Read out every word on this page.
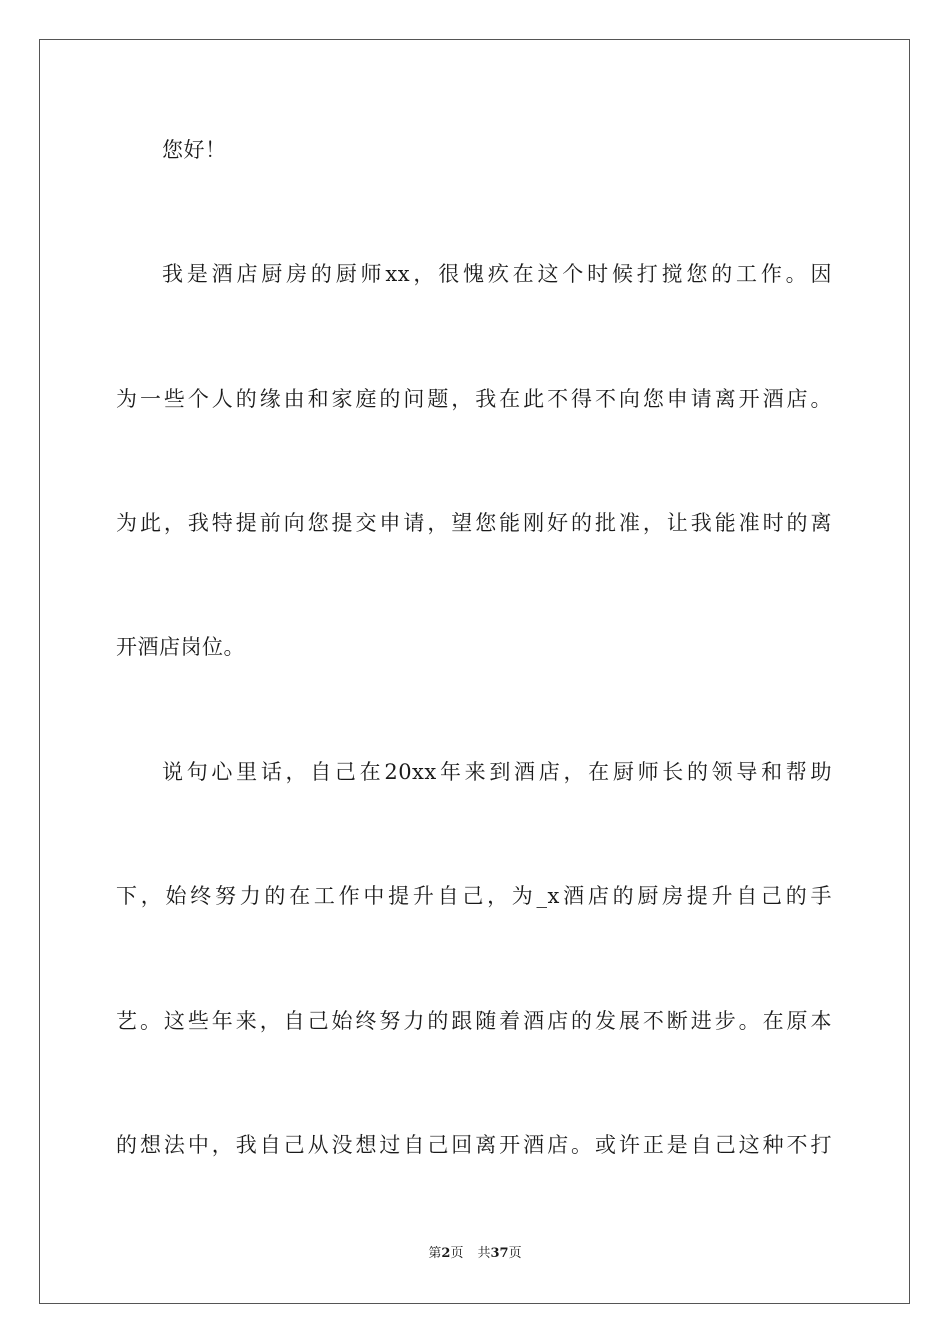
您好！
我是酒店厨房的厨师xx，很愧疚在这个时候打搅您的工作。因
为一些个人的缘由和家庭的问题，我在此不得不向您申请离开酒店。
为此，我特提前向您提交申请，望您能刚好的批准，让我能准时的离
开酒店岗位。
说句心里话，自己在20xx年来到酒店，在厨师长的领导和帮助
下，始终努力的在工作中提升自己，为_x酒店的厨房提升自己的手
艺。这些年来，自己始终努力的跟随着酒店的发展不断进步。在原本
的想法中，我自己从没想过自己回离开酒店。或许正是自己这种不打
第2页 共37页
